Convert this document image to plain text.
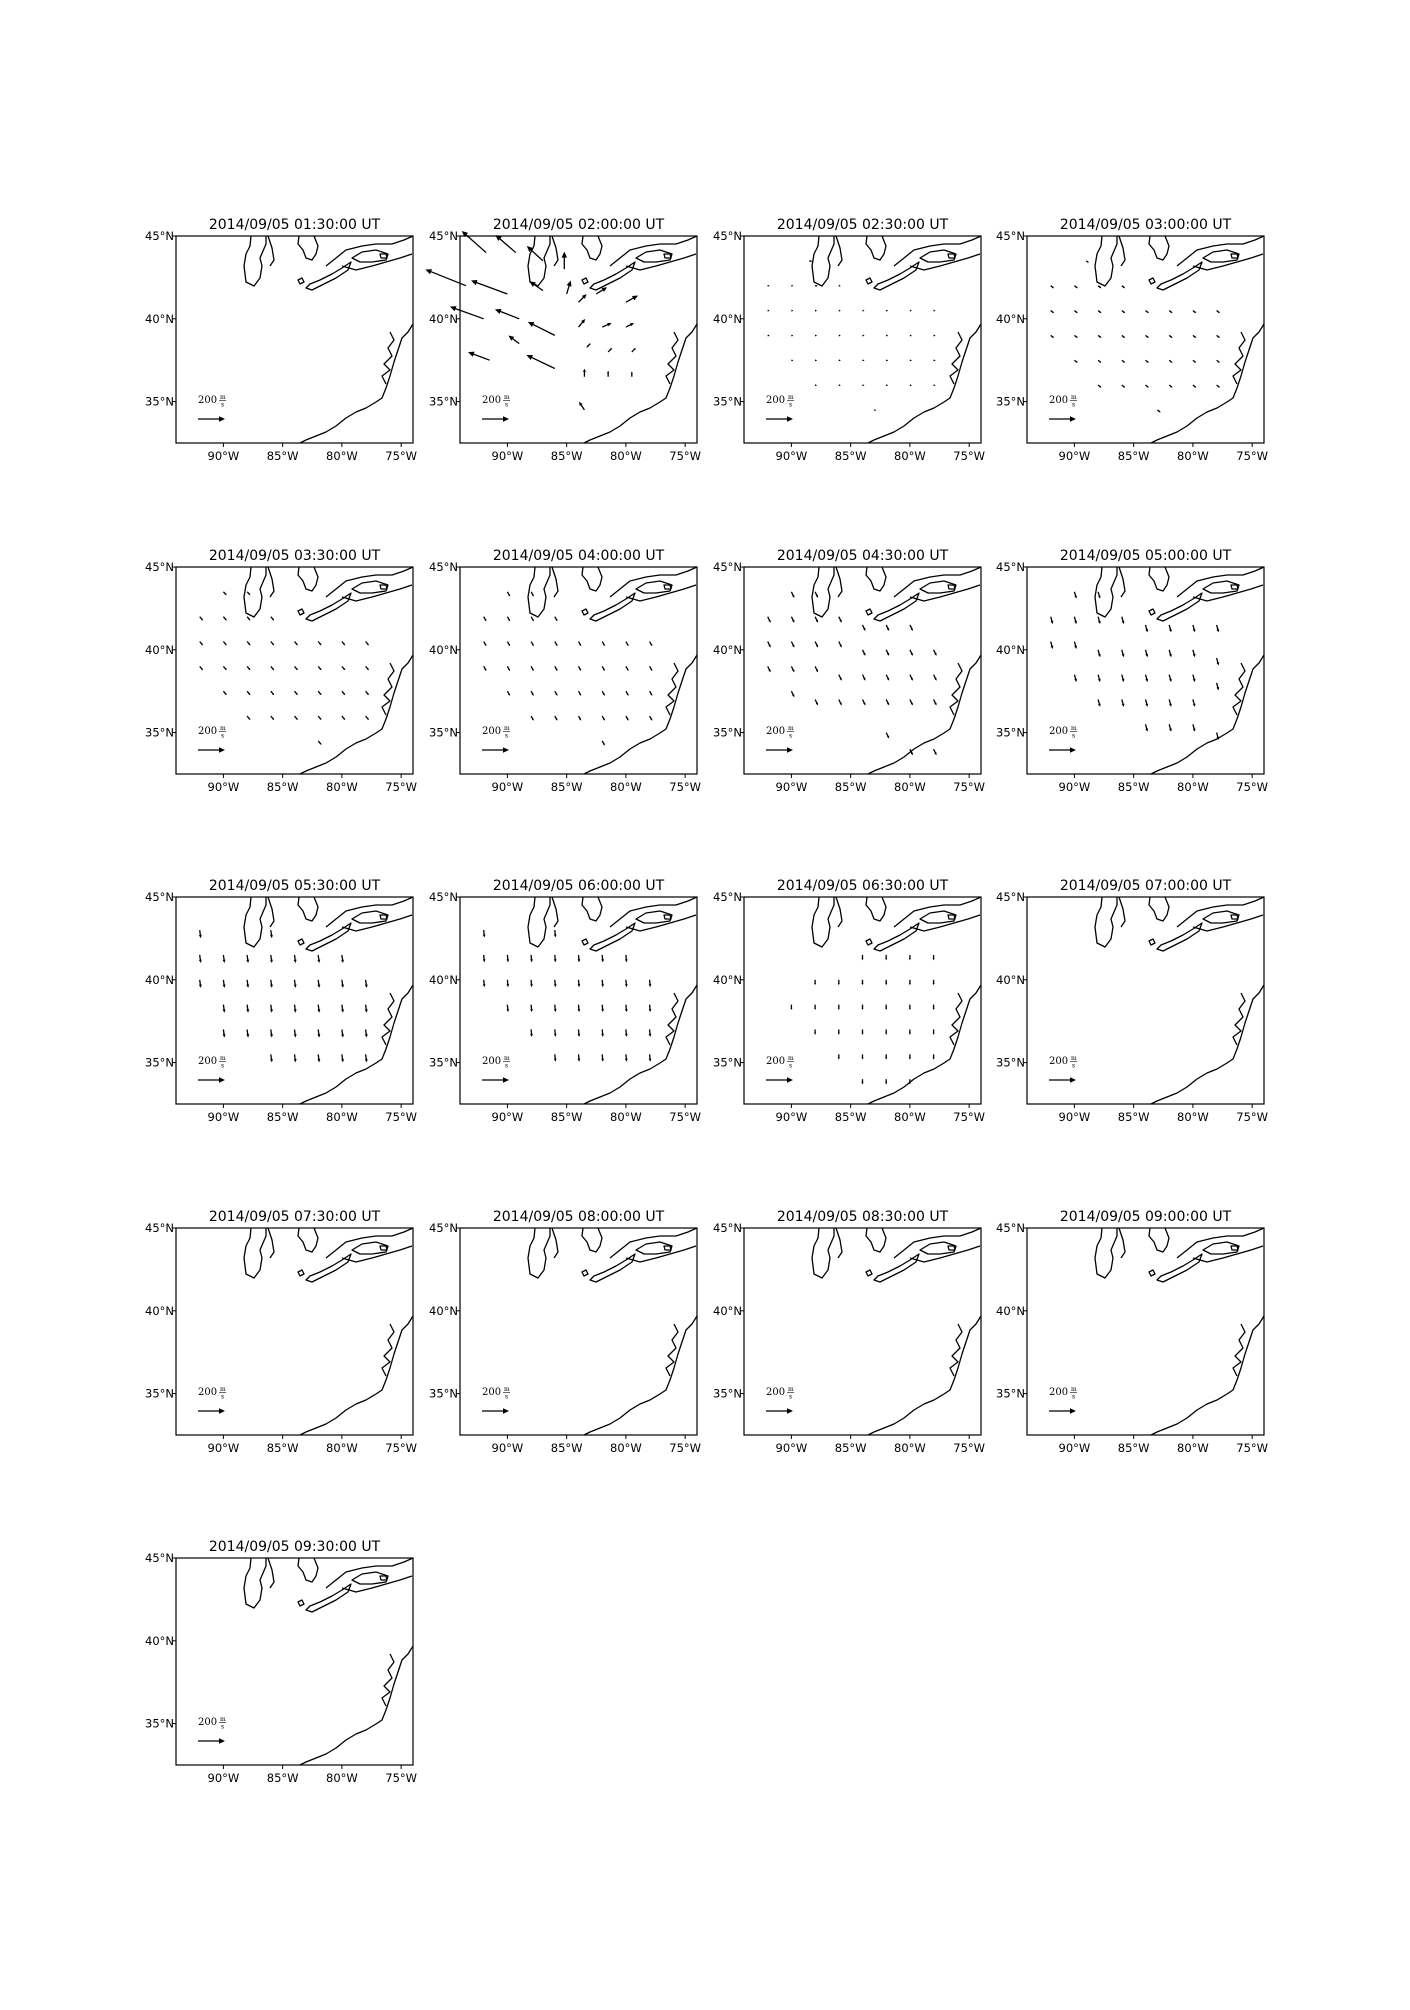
2014/09/05 01:30:00 UT
90°W 85°W 80°W 75°W
45°N
40°N
35°N 200 m
s
2014/09/05 02:00:00 UT
90°W 85°W 80°W 75°W
45°N
40°N
35°N 200 m
s
2014/09/05 02:30:00 UT
90°W 85°W 80°W 75°W
45°N
40°N
35°N 200 m
s
2014/09/05 03:00:00 UT
90°W 85°W 80°W 75°W
45°N
40°N
35°N 200 m
s
2014/09/05 03:30:00 UT
90°W 85°W 80°W 75°W
45°N
40°N
35°N 200 m
s
2014/09/05 04:00:00 UT
90°W 85°W 80°W 75°W
45°N
40°N
35°N 200 m
s
2014/09/05 04:30:00 UT
90°W 85°W 80°W 75°W
45°N
40°N
35°N 200 m
s
2014/09/05 05:00:00 UT
90°W 85°W 80°W 75°W
45°N
40°N
35°N 200 m
s
2014/09/05 05:30:00 UT
90°W 85°W 80°W 75°W
45°N
40°N
35°N 200 m
s
2014/09/05 06:00:00 UT
90°W 85°W 80°W 75°W
45°N
40°N
35°N 200 m
s
2014/09/05 06:30:00 UT
90°W 85°W 80°W 75°W
45°N
40°N
35°N 200 m
s
2014/09/05 07:00:00 UT
90°W 85°W 80°W 75°W
45°N
40°N
35°N 200 m
s
2014/09/05 07:30:00 UT
90°W 85°W 80°W 75°W
45°N
40°N
35°N 200 m
s
2014/09/05 08:00:00 UT
90°W 85°W 80°W 75°W
45°N
40°N
35°N 200 m
s
2014/09/05 08:30:00 UT
90°W 85°W 80°W 75°W
45°N
40°N
35°N 200 m
s
2014/09/05 09:00:00 UT
90°W 85°W 80°W 75°W
45°N
40°N
35°N 200 m
s
2014/09/05 09:30:00 UT
90°W 85°W 80°W 75°W
45°N
40°N
35°N 200 m
s
